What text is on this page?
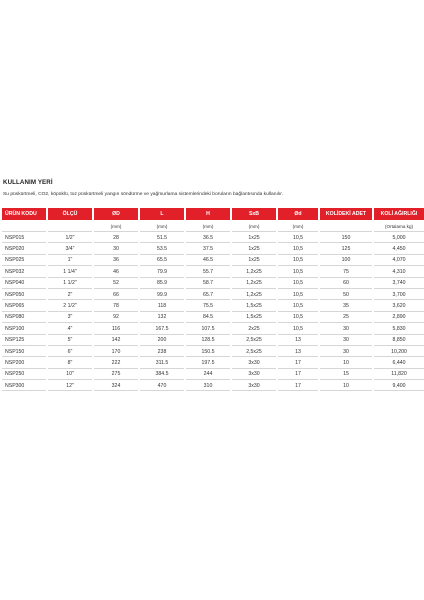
KULLANIM YERİ
Su püskürtmeli, CO2, köpüklü, toz püskürtmeli yangın söndürme ve yağmurlama sistemlerindeki boruların bağlantısında kullanılır.
ÜRÜN KODU	ÖLÇÜ	ØD	L	H	SxB	Ød	KOLİDEKİ ADET	KOLİ AĞIRLIĞI
		(mm)	(mm)	(mm)	(mm)	(mm)		(Ortalama kg)
NSP015	1/2"	28	51.5	36.5	1x25	10,5	150	5,000
NSP020	3/4"	30	53.5	37.5	1x25	10,5	125	4,450
NSP025	1"	36	65.5	46.5	1x25	10,5	100	4,070
NSP032	1 1/4"	46	79.9	55.7	1,2x25	10,5	75	4,310
NSP040	1 1/2"	52	85.9	58.7	1,2x25	10,5	60	3,740
NSP050	2"	66	99.9	65.7	1,2x25	10,5	50	3,700
NSP065	2 1/2"	78	118	75.5	1,5x25	10,5	35	3,620
NSP080	3"	92	132	84.5	1,5x25	10,5	25	2,890
NSP100	4"	116	167.5	107.5	2x25	10,5	30	5,830
NSP125	5"	142	200	128.5	2,5x25	13	30	8,850
NSP150	6"	170	238	150.5	2,5x25	13	30	10,200
NSP200	8"	222	311.5	197.5	3x30	17	10	6,440
NSP250	10"	275	384.5	244	3x30	17	15	11,820
NSP300	12"	324	470	310	3x30	17	10	9,400
